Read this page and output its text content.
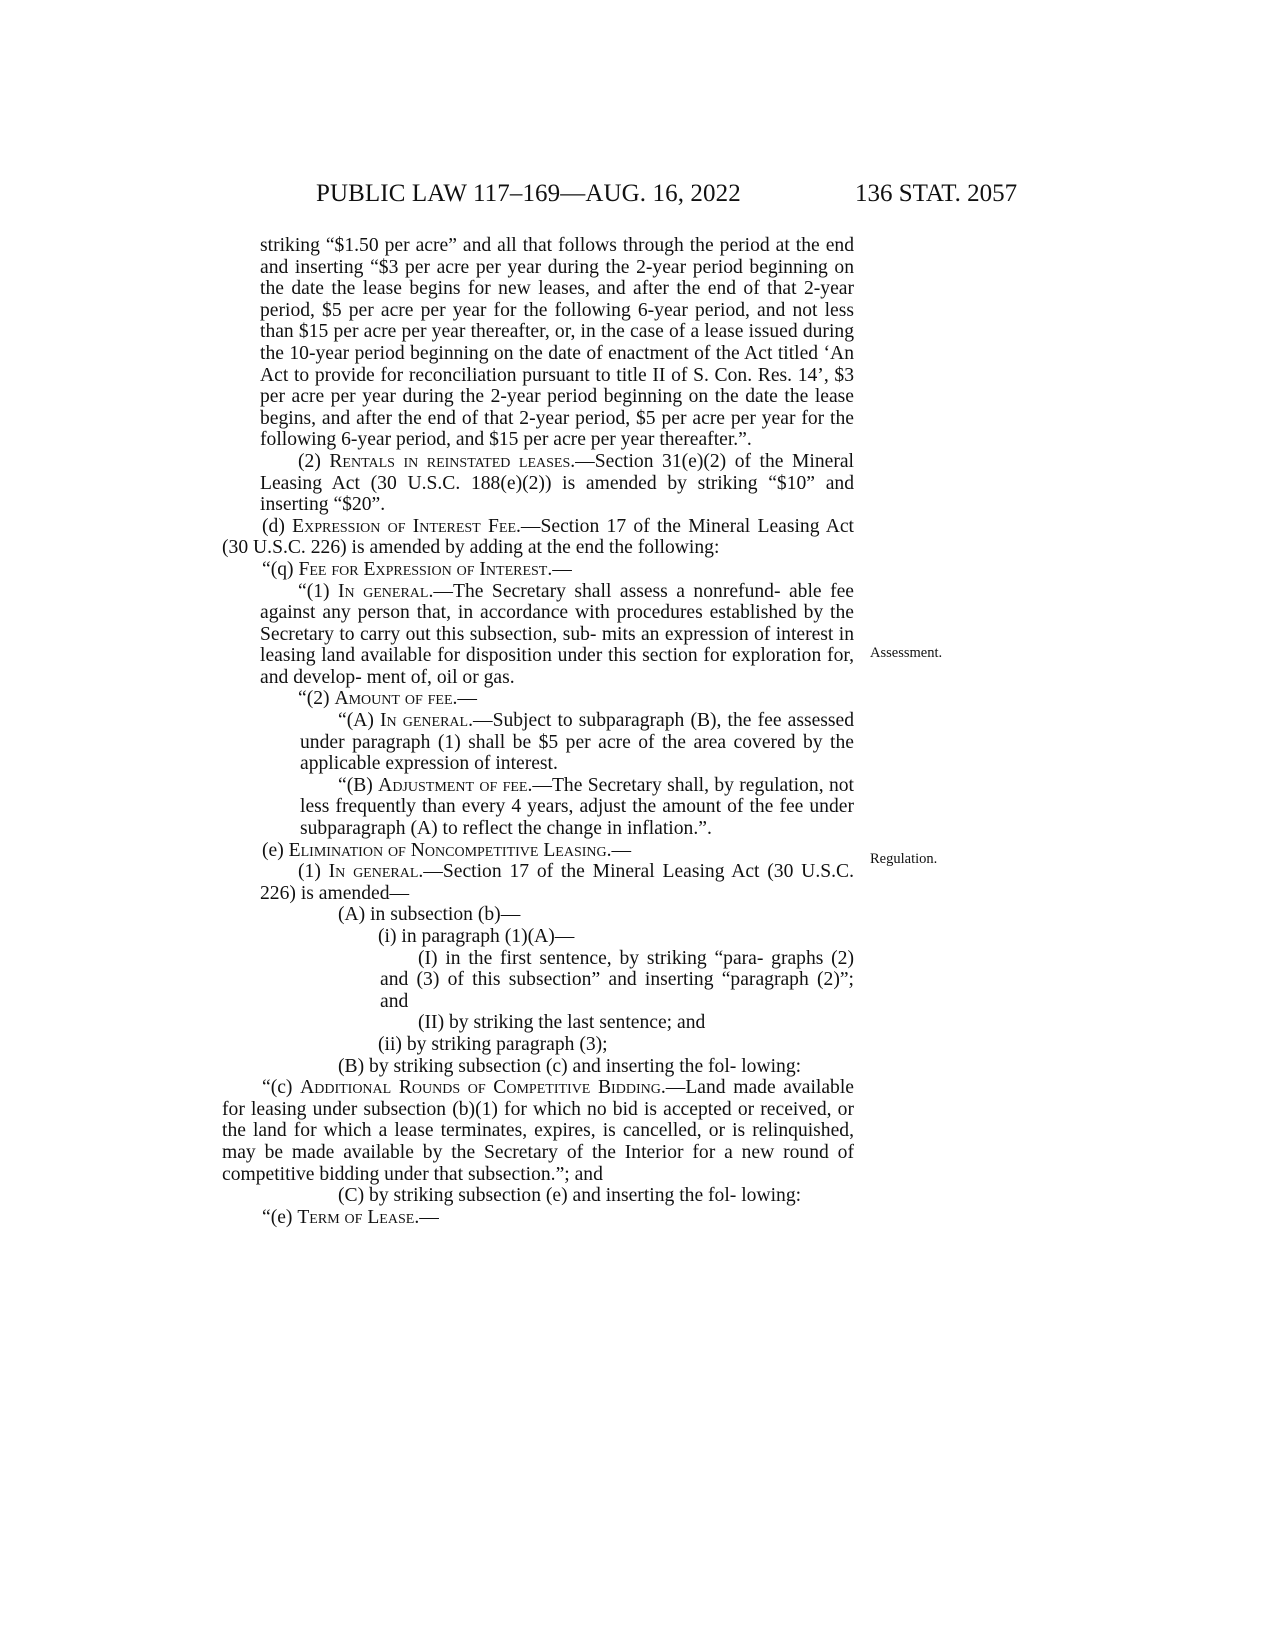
PUBLIC LAW 117–169—AUG. 16, 2022	136 STAT. 2057

striking “$1.50 per acre” and all that follows through the period at the end and inserting “$3 per acre per year during the 2-year period beginning on the date the lease begins for new leases, and after the end of that 2-year period, $5 per acre per year for the following 6-year period, and not less than $15 per acre per year thereafter, or, in the case of a lease issued during the 10-year period beginning on the date of enactment of the Act titled ‘An Act to provide for reconciliation pursuant to title II of S. Con. Res. 14’, $3 per acre per year during the 2-year period beginning on the date the lease begins, and after the end of that 2-year period, $5 per acre per year for the following 6-year period, and $15 per acre per year thereafter.”.

(2) Rentals in reinstated leases.—Section 31(e)(2) of the Mineral Leasing Act (30 U.S.C. 188(e)(2)) is amended by striking “$10” and inserting “$20”.

(d) Expression of Interest Fee.—Section 17 of the Mineral Leasing Act (30 U.S.C. 226) is amended by adding at the end the following:

“(q) Fee for Expression of Interest.—

“(1) In general.—The Secretary shall assess a nonrefund- able fee against any person that, in accordance with procedures established by the Secretary to carry out this subsection, sub- mits an expression of interest in leasing land available for disposition under this section for exploration for, and develop- ment of, oil or gas.

“(2) Amount of fee.—

“(A) In general.—Subject to subparagraph (B), the fee assessed under paragraph (1) shall be $5 per acre of the area covered by the applicable expression of interest.

“(B) Adjustment of fee.—The Secretary shall, by regulation, not less frequently than every 4 years, adjust the amount of the fee under subparagraph (A) to reflect the change in inflation.”.

(e) Elimination of Noncompetitive Leasing.—

(1) In general.—Section 17 of the Mineral Leasing Act (30 U.S.C. 226) is amended—

(A) in subsection (b)—

(i) in paragraph (1)(A)—

(I) in the first sentence, by striking “para- graphs (2) and (3) of this subsection” and inserting “paragraph (2)”; and

(II) by striking the last sentence; and

(ii) by striking paragraph (3);

(B) by striking subsection (c) and inserting the fol- lowing:

“(c) Additional Rounds of Competitive Bidding.—Land made available for leasing under subsection (b)(1) for which no bid is accepted or received, or the land for which a lease terminates, expires, is cancelled, or is relinquished, may be made available by the Secretary of the Interior for a new round of competitive bidding under that subsection.”; and

(C) by striking subsection (e) and inserting the fol- lowing:

“(e) Term of Lease.—

Assessment.
Regulation.
